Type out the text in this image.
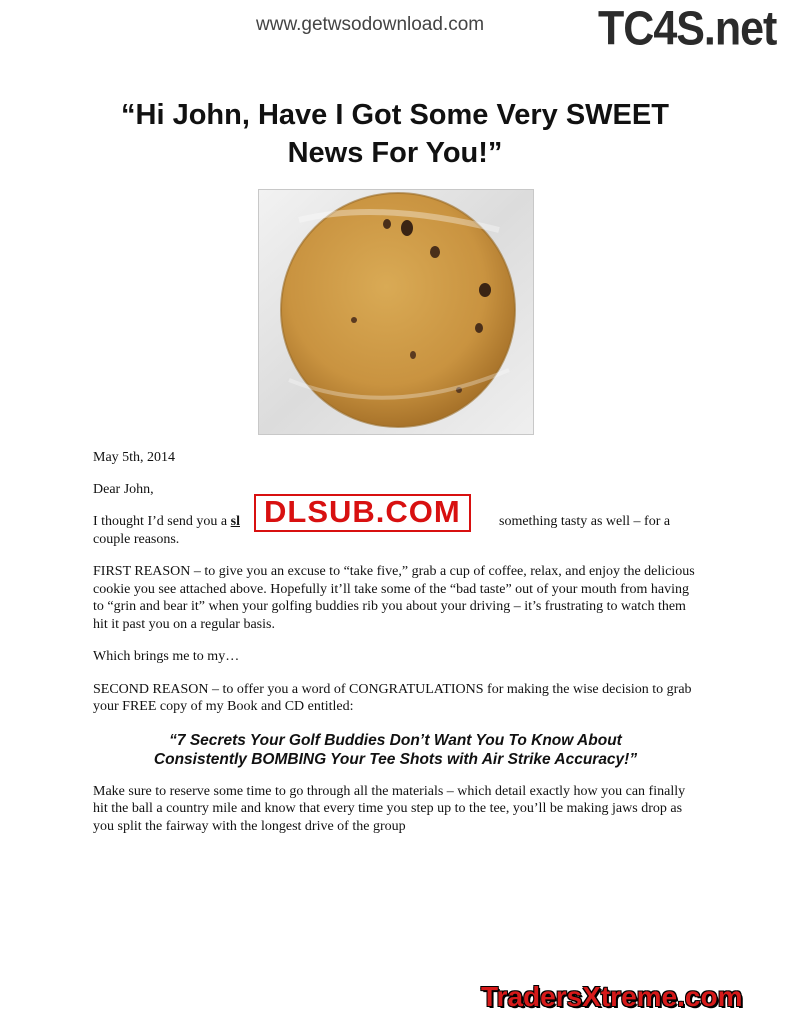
www.getwsodownload.com	TC4S.net
“Hi John, Have I Got Some Very SWEET
News For You!”

May 5th, 2014

Dear John,

I thought I’d send you a sl	something tasty as well – for a couple reasons.

FIRST REASON – to give you an excuse to “take five,” grab a cup of coffee, relax, and enjoy the delicious cookie you see attached above. Hopefully it’ll take some of the “bad taste” out of your mouth from having to “grin and bear it” when your golfing buddies rib you about your driving – it’s frustrating to watch them hit it past you on a regular basis.

Which brings me to my…

SECOND REASON – to offer you a word of CONGRATULATIONS for making the wise decision to grab your FREE copy of my Book and CD entitled:

“7 Secrets Your Golf Buddies Don’t Want You To Know About
Consistently BOMBING Your Tee Shots with Air Strike Accuracy!”

Make sure to reserve some time to go through all the materials – which detail exactly how you can finally hit the ball a country mile and know that every time you step up to the tee, you’ll be making jaws drop as you split the fairway with the longest drive of the group

DLSUB.COM
TradersXtreme.com
